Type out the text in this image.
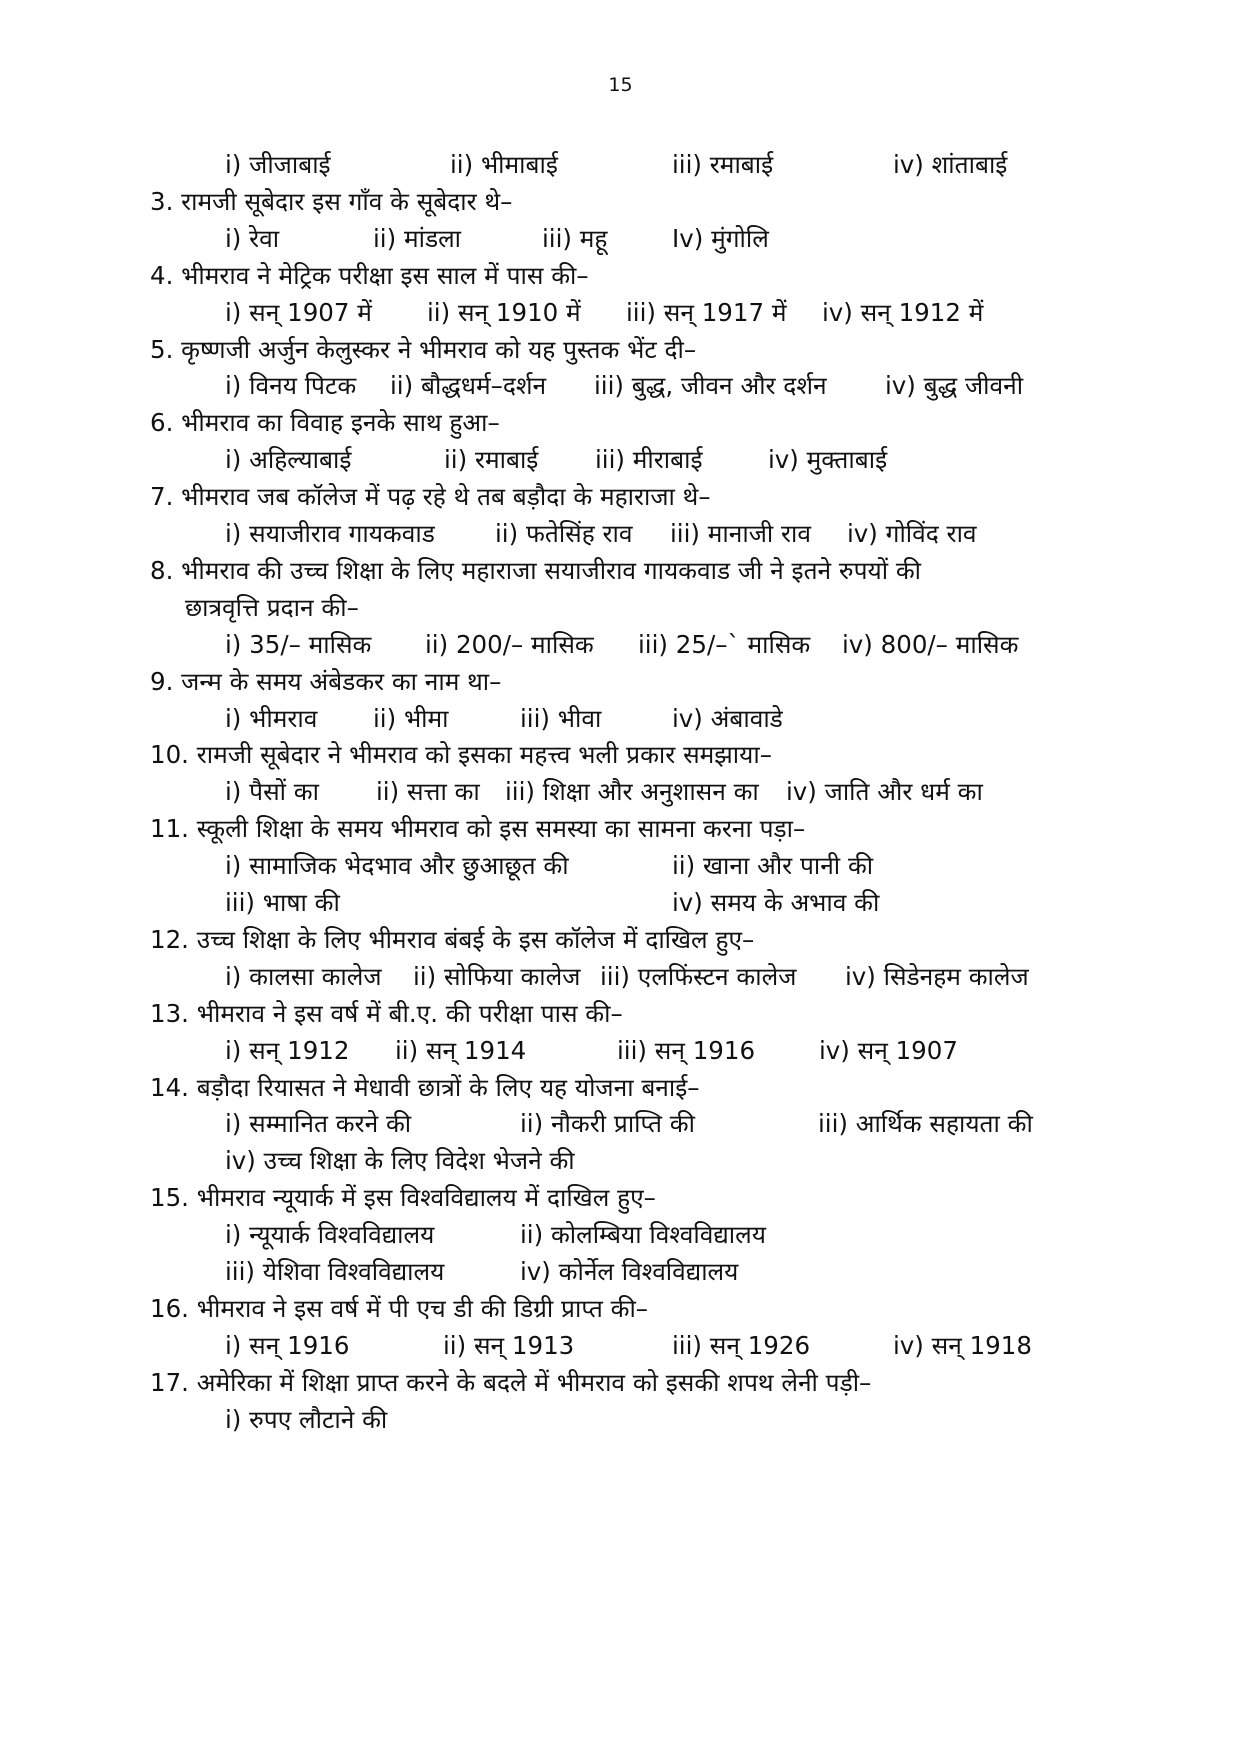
15
i) जीजाबाई	ii) भीमाबाई	iii) रमाबाई	iv) शांताबाई
3. रामजी सूबेदार इस गाँव के सूबेदार थे–
i) रेवा	ii) मांडला	iii) महू	Iv) मुंगोलि
4. भीमराव ने मेट्रिक परीक्षा इस साल में पास की–
i) सन् 1907 में ii) सन् 1910 में iii) सन् 1917 में iv) सन् 1912 में
5. कृष्णजी अर्जुन केलुस्कर ने भीमराव को यह पुस्तक भेंट दी–
i) विनय पिटक ii) बौद्धधर्म–दर्शन iii) बुद्ध, जीवन और दर्शन iv) बुद्ध जीवनी
6. भीमराव का विवाह इनके साथ हुआ–
i) अहिल्याबाई	ii) रमाबाई iii) मीराबाई	iv) मुक्ताबाई
7. भीमराव जब कॉलेज में पढ़ रहे थे तब बड़ौदा के महाराजा थे–
i) सयाजीराव गायकवाड ii) फतेसिंह राव iii) मानाजी राव iv) गोविंद राव
8. भीमराव की उच्च शिक्षा के लिए महाराजा सयाजीराव गायकवाड जी ने इतने रुपयों की
छात्रवृत्ति प्रदान की–
i) 35/– मासिक ii) 200/– मासिक iii) 25/–` मासिक iv) 800/– मासिक
9. जन्म के समय अंबेडकर का नाम था–
i) भीमराव ii) भीमा	iii) भीवा	iv) अंबावाडे
10. रामजी सूबेदार ने भीमराव को इसका महत्त्व भली प्रकार समझाया–
i) पैसों का ii) सत्ता का iii) शिक्षा और अनुशासन का iv) जाति और धर्म का
11. स्कूली शिक्षा के समय भीमराव को इस समस्या का सामना करना पड़ा–
i) सामाजिक भेदभाव और छुआछूत की	ii) खाना और पानी की
iii) भाषा की	iv) समय के अभाव की
12. उच्च शिक्षा के लिए भीमराव बंबई के इस कॉलेज में दाखिल हुए–
i) कालसा कालेज ii) सोफिया कालेज iii) एलफिंस्टन कालेज iv) सिडेनहम कालेज
13. भीमराव ने इस वर्ष में बी.ए. की परीक्षा पास की–
i) सन् 1912 ii) सन् 1914	iii) सन् 1916	iv) सन् 1907
14. बड़ौदा रियासत ने मेधावी छात्रों के लिए यह योजना बनाई–
i) सम्मानित करने की	ii) नौकरी प्राप्ति की	iii) आर्थिक सहायता की
iv) उच्च शिक्षा के लिए विदेश भेजने की
15. भीमराव न्यूयार्क में इस विश्वविद्यालय में दाखिल हुए–
i) न्यूयार्क विश्वविद्यालय	ii) कोलम्बिया विश्वविद्यालय
iii) येशिवा विश्वविद्यालय	iv) कोर्नेल विश्वविद्यालय
16. भीमराव ने इस वर्ष में पी एच डी की डिग्री प्राप्त की–
i) सन् 1916	ii) सन् 1913	iii) सन् 1926	iv) सन् 1918
17. अमेरिका में शिक्षा प्राप्त करने के बदले में भीमराव को इसकी शपथ लेनी पड़ी–
i) रुपए लौटाने की
